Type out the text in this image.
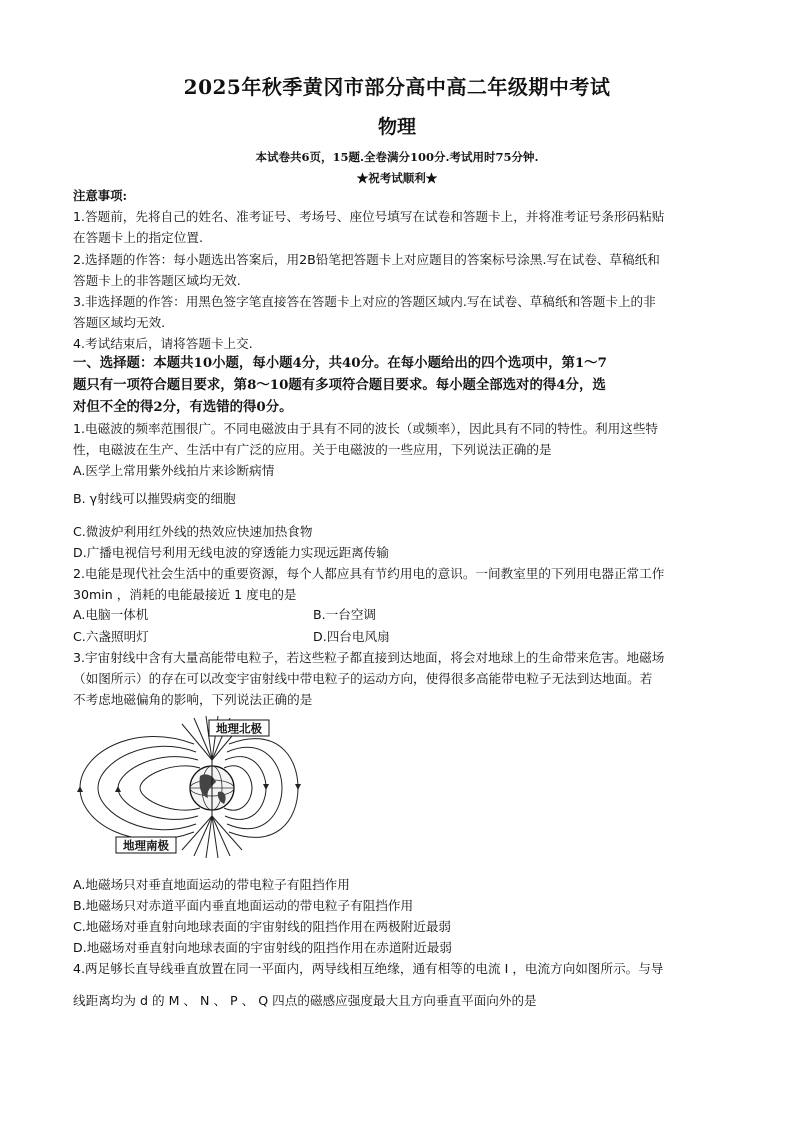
2025年秋季黄冈市部分高中高二年级期中考试
物理
本试卷共6页，15题.全卷满分100分.考试用时75分钟.
★祝考试顺利★
注意事项:
1.答题前，先将自己的姓名、准考证号、考场号、座位号填写在试卷和答题卡上，并将准考证号条形码粘贴
在答题卡上的指定位置.
2.选择题的作答：每小题选出答案后，用2B铅笔把答题卡上对应题目的答案标号涂黑.写在试卷、草稿纸和
答题卡上的非答题区域均无效.
3.非选择题的作答：用黑色签字笔直接答在答题卡上对应的答题区域内.写在试卷、草稿纸和答题卡上的非
答题区域均无效.
4.考试结束后，请将答题卡上交.
一、选择题：本题共10小题，每小题4分，共40分。在每小题给出的四个选项中，第1～7
题只有一项符合题目要求，第8～10题有多项符合题目要求。每小题全部选对的得4分，选
对但不全的得2分，有选错的得0分。
1.电磁波的频率范围很广。不同电磁波由于具有不同的波长（或频率），因此具有不同的特性。利用这些特
性，电磁波在生产、生活中有广泛的应用。关于电磁波的一些应用，下列说法正确的是
A.医学上常用紫外线拍片来诊断病情
B. γ射线可以摧毁病变的细胞
C.微波炉利用红外线的热效应快速加热食物
D.广播电视信号利用无线电波的穿透能力实现远距离传输
2.电能是现代社会生活中的重要资源，每个人都应具有节约用电的意识。一间教室里的下列用电器正常工作
30min ，消耗的电能最接近 1 度电的是
A.电脑一体机	B.一台空调
C.六盏照明灯	D.四台电风扇
3.宇宙射线中含有大量高能带电粒子，若这些粒子都直接到达地面，将会对地球上的生命带来危害。地磁场
（如图所示）的存在可以改变宇宙射线中带电粒子的运动方向，使得很多高能带电粒子无法到达地面。若
不考虑地磁偏角的影响，下列说法正确的是
地理北极
地理南极
A.地磁场只对垂直地面运动的带电粒子有阻挡作用
B.地磁场只对赤道平面内垂直地面运动的带电粒子有阻挡作用
C.地磁场对垂直射向地球表面的宇宙射线的阻挡作用在两极附近最弱
D.地磁场对垂直射向地球表面的宇宙射线的阻挡作用在赤道附近最弱
4.两足够长直导线垂直放置在同一平面内，两导线相互绝缘，通有相等的电流 I ，电流方向如图所示。与导
线距离均为 d 的 M 、 N 、 P 、 Q 四点的磁感应强度最大且方向垂直平面向外的是
